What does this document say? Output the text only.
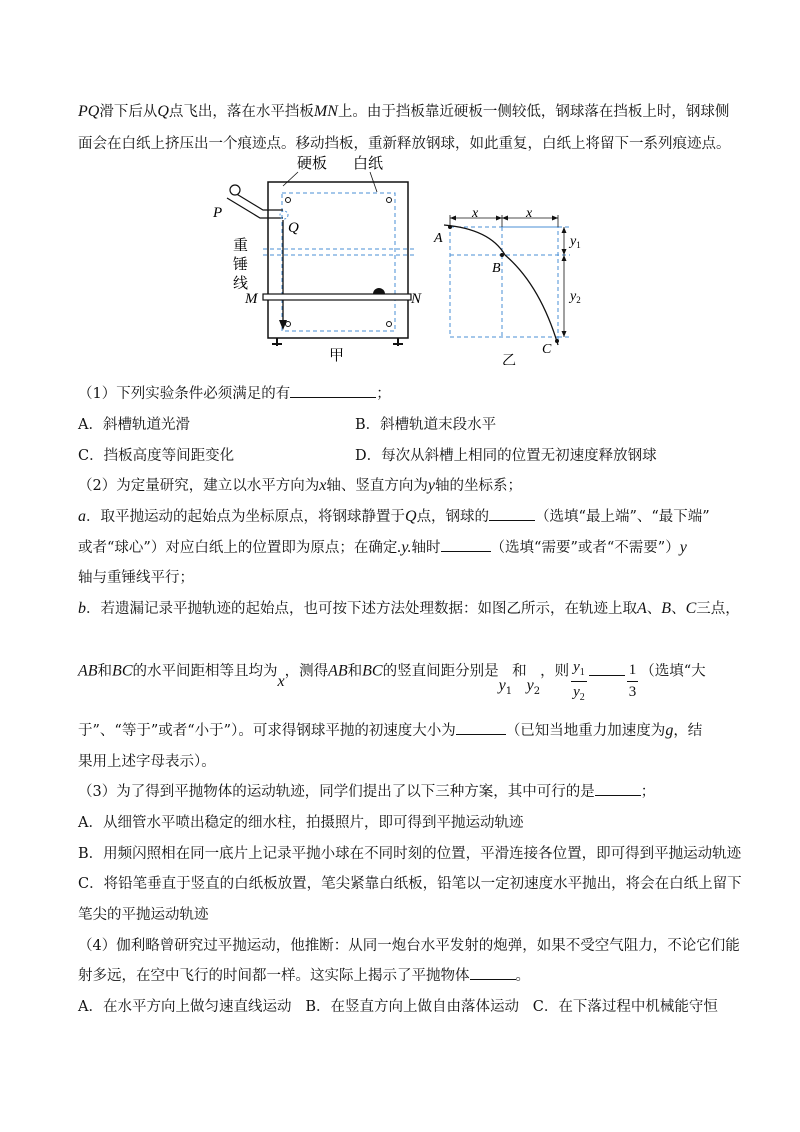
PQ滑下后从Q点飞出，落在水平挡板MN上。由于挡板靠近硬板一侧较低，钢球落在挡板上时，钢球侧
面会在白纸上挤压出一个痕迹点。移动挡板，重新释放钢球，如此重复，白纸上将留下一系列痕迹点。
硬板 白纸
P
Q
重
锤
线
M	N
甲
x	x
A
B
C
$y_1$
$y_2$
乙
（1）下列实验条件必须满足的有	；
A．斜槽轨道光滑	B．斜槽轨道末段水平
C．挡板高度等间距变化	D．每次从斜槽上相同的位置无初速度释放钢球
（2）为定量研究，建立以水平方向为x轴、竖直方向为y轴的坐标系；
a．取平抛运动的起始点为坐标原点，将钢球静置于Q点，钢球的	（选填“最上端”、“最下端”
或者“球心”）对应白纸上的位置即为原点；在确定.y.轴时	（选填“需要”或者“不需要”）y
轴与重锤线平行；
b．若遗漏记录平抛轨迹的起始点，也可按下述方法处理数据：如图乙所示，在轨迹上取A、B、C三点，
AB和BC的水平间距相等且均为x，测得AB和BC的竖直间距分别是$y_1$和$y_2$，则 $\frac{y_1}{y_2}$	$\frac{1}{3}$ （选填“大
于”、“等于”或者“小于”）。可求得钢球平抛的初速度大小为	（已知当地重力加速度为g，结
果用上述字母表示）。
（3）为了得到平抛物体的运动轨迹，同学们提出了以下三种方案，其中可行的是	；
A．从细管水平喷出稳定的细水柱，拍摄照片，即可得到平抛运动轨迹
B．用频闪照相在同一底片上记录平抛小球在不同时刻的位置，平滑连接各位置，即可得到平抛运动轨迹
C．将铅笔垂直于竖直的白纸板放置，笔尖紧靠白纸板，铅笔以一定初速度水平抛出，将会在白纸上留下
笔尖的平抛运动轨迹
（4）伽利略曾研究过平抛运动，他推断：从同一炮台水平发射的炮弹，如果不受空气阻力，不论它们能
射多远，在空中飞行的时间都一样。这实际上揭示了平抛物体	。
A．在水平方向上做匀速直线运动 B．在竖直方向上做自由落体运动 C．在下落过程中机械能守恒
